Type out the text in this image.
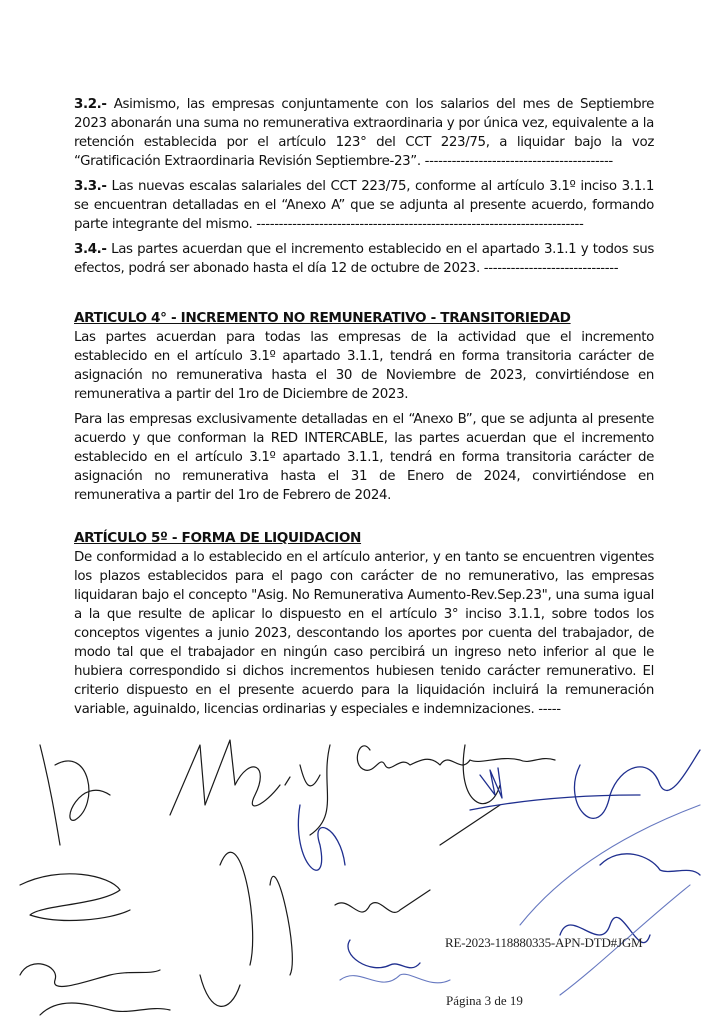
3.2.- Asimismo, las empresas conjuntamente con los salarios del mes de Septiembre 2023 abonarán una suma no remunerativa extraordinaria y por única vez, equivalente a la retención establecida por el artículo 123° del CCT 223/75, a liquidar bajo la voz “Gratificación Extraordinaria Revisión Septiembre-23”. ------------------------------------------

3.3.- Las nuevas escalas salariales del CCT 223/75, conforme al artículo 3.1º inciso 3.1.1 se encuentran detalladas en el “Anexo A” que se adjunta al presente acuerdo, formando parte integrante del mismo. -------------------------------------------------------------------------

3.4.- Las partes acuerdan que el incremento establecido en el apartado 3.1.1 y todos sus efectos, podrá ser abonado hasta el día 12 de octubre de 2023. ------------------------------

ARTICULO 4° - INCREMENTO NO REMUNERATIVO - TRANSITORIEDAD

Las partes acuerdan para todas las empresas de la actividad que el incremento establecido en el artículo 3.1º apartado 3.1.1, tendrá en forma transitoria carácter de asignación no remunerativa hasta el 30 de Noviembre de 2023, convirtiéndose en remunerativa a partir del 1ro de Diciembre de 2023.

Para las empresas exclusivamente detalladas en el “Anexo B”, que se adjunta al presente acuerdo y que conforman la RED INTERCABLE, las partes acuerdan que el incremento establecido en el artículo 3.1º apartado 3.1.1, tendrá en forma transitoria carácter de asignación no remunerativa hasta el 31 de Enero de 2024, convirtiéndose en remunerativa a partir del 1ro de Febrero de 2024.

ARTÍCULO 5º - FORMA DE LIQUIDACION

De conformidad a lo establecido en el artículo anterior, y en tanto se encuentren vigentes los plazos establecidos para el pago con carácter de no remunerativo, las empresas liquidaran bajo el concepto "Asig. No Remunerativa Aumento-Rev.Sep.23", una suma igual a la que resulte de aplicar lo dispuesto en el artículo 3° inciso 3.1.1, sobre todos los conceptos vigentes a junio 2023, descontando los aportes por cuenta del trabajador, de modo tal que el trabajador en ningún caso percibirá un ingreso neto inferior al que le hubiera correspondido si dichos incrementos hubiesen tenido carácter remunerativo. El criterio dispuesto en el presente acuerdo para la liquidación incluirá la remuneración variable, aguinaldo, licencias ordinarias y especiales e indemnizaciones. -----

RE-2023-118880335-APN-DTD#JGM
Página 3 de 19
